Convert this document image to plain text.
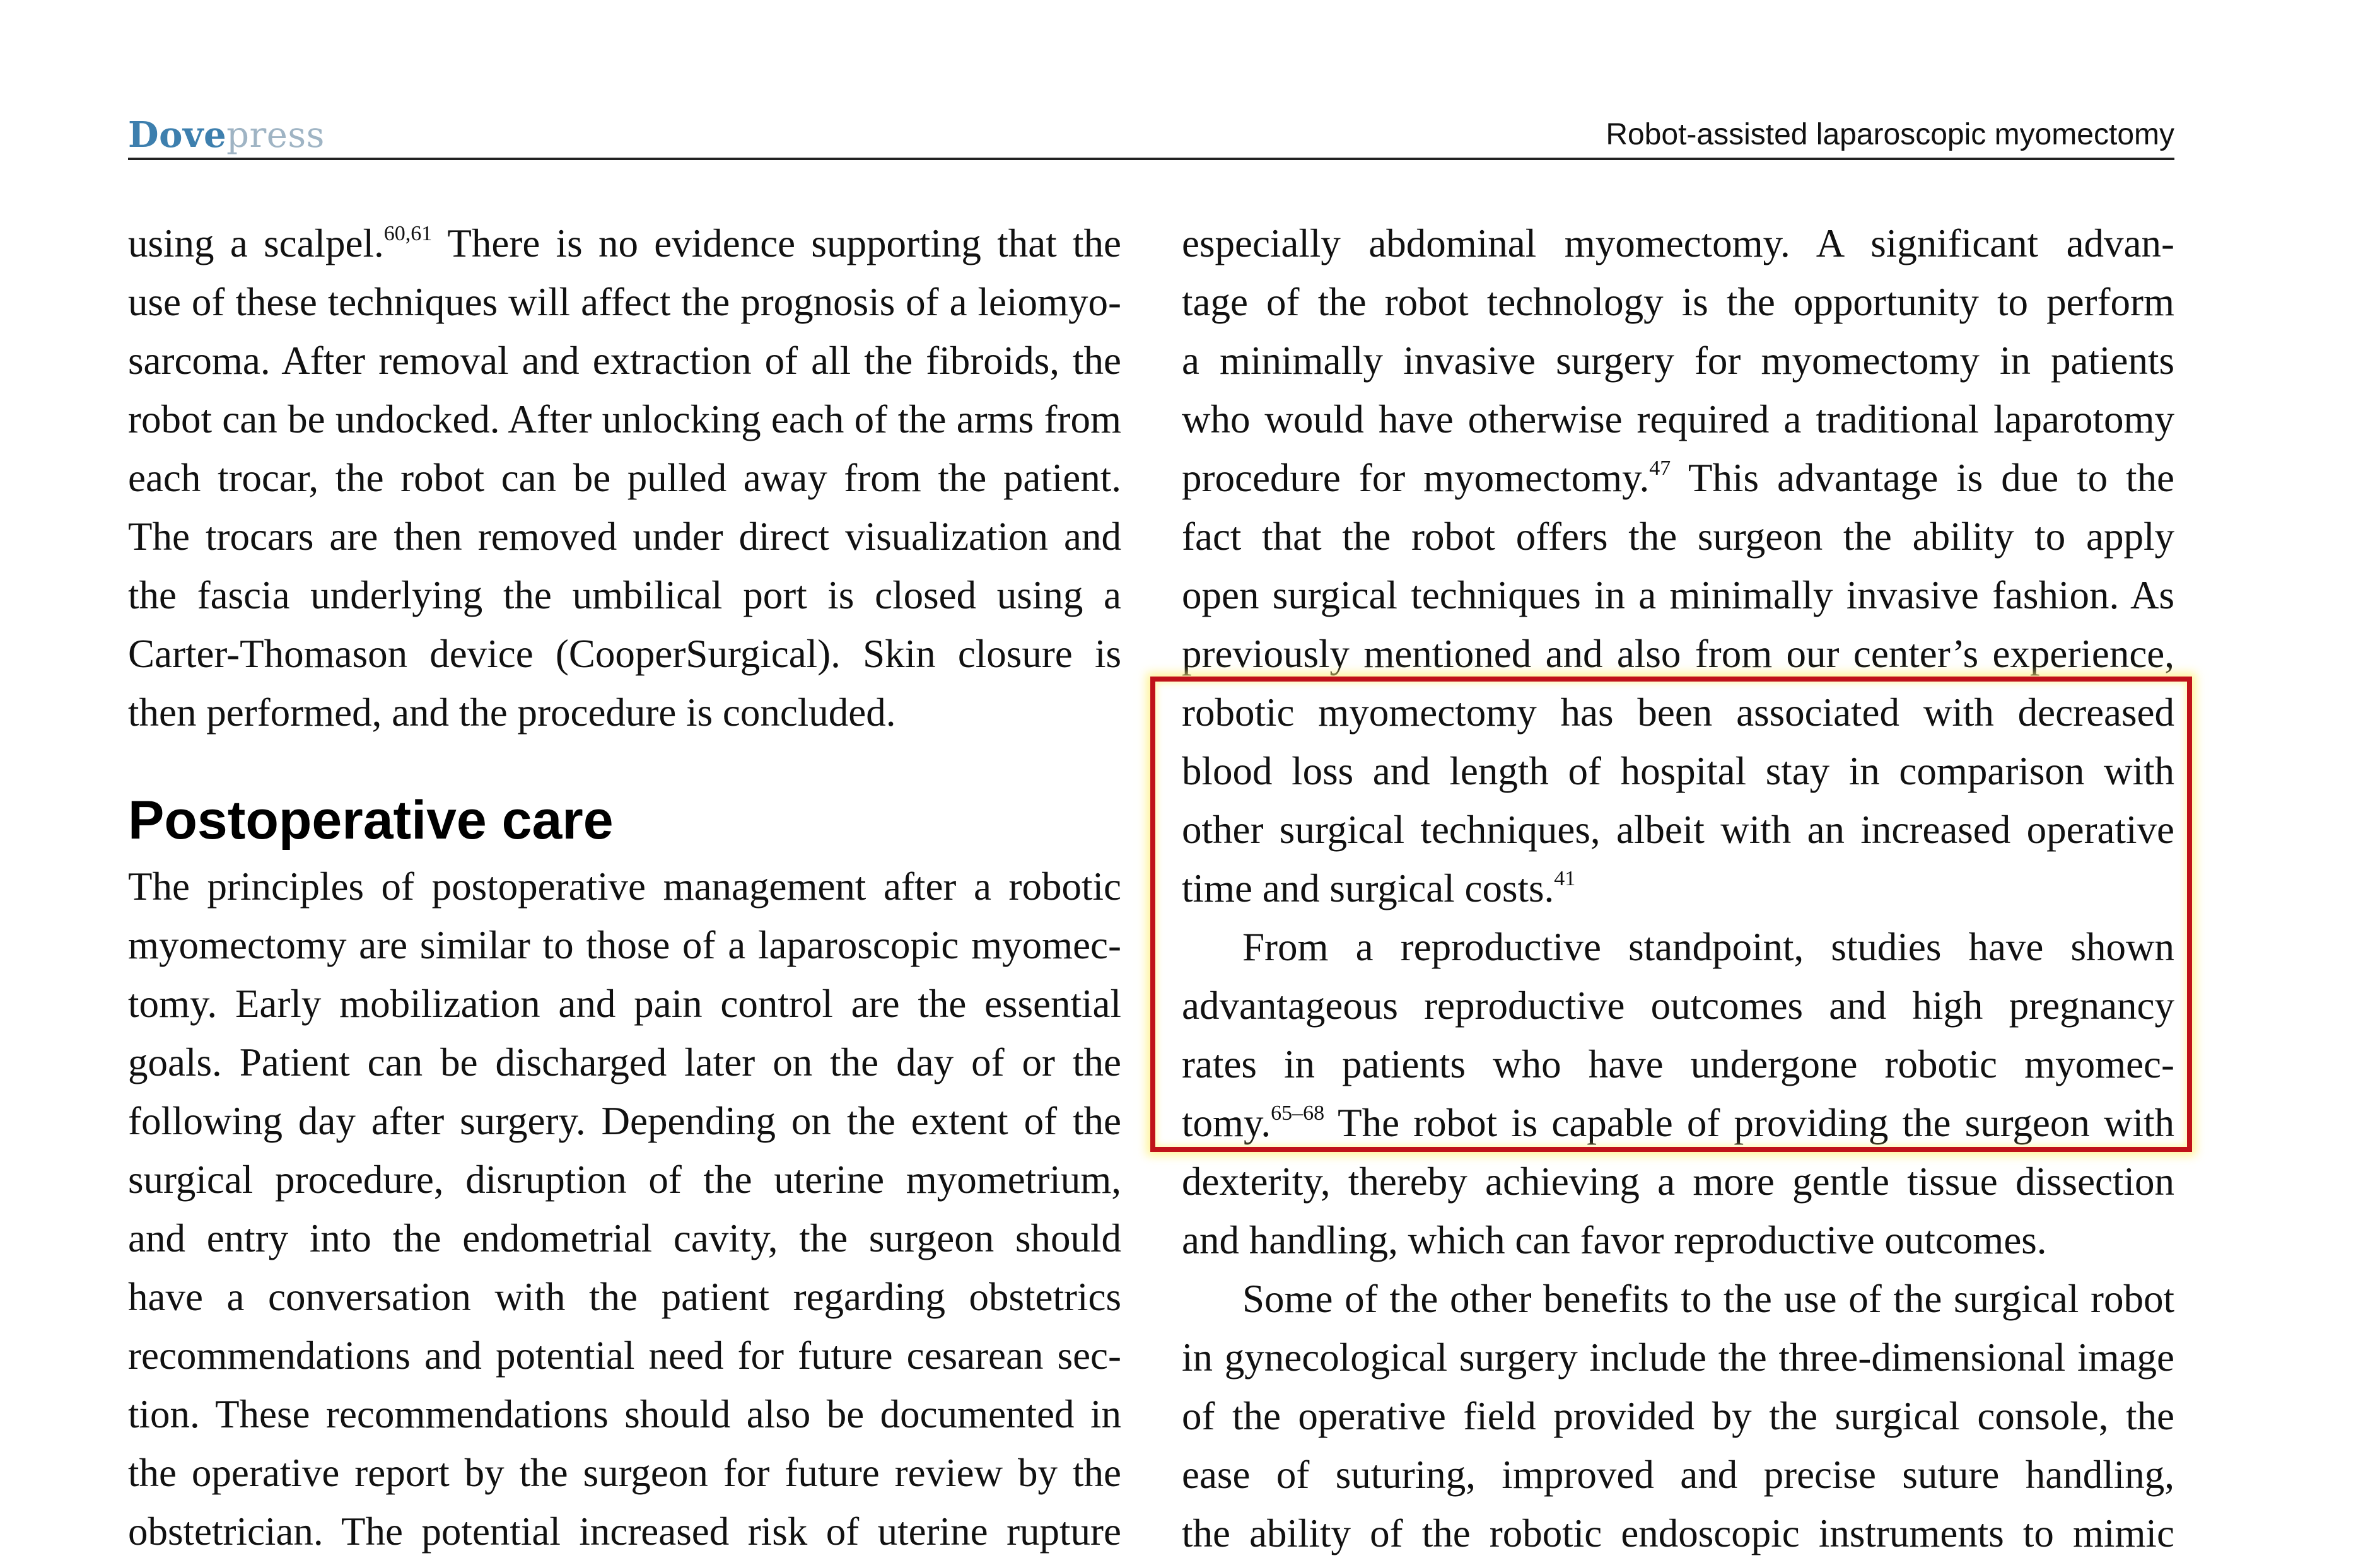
Dovepress	Robot-assisted laparoscopic myomectomy
using a scalpel.$^{60,61}$ There is no evidence supporting that the
use of these techniques will affect the prognosis of a leiomyo-
sarcoma. After removal and extraction of all the fibroids, the
robot can be undocked. After unlocking each of the arms from
each trocar, the robot can be pulled away from the patient.
The trocars are then removed under direct visualization and
the fascia underlying the umbilical port is closed using a
Carter-Thomason device (CooperSurgical). Skin closure is
then performed, and the procedure is concluded.
Postoperative care
The principles of postoperative management after a robotic
myomectomy are similar to those of a laparoscopic myomec-
tomy. Early mobilization and pain control are the essential
goals. Patient can be discharged later on the day of or the
following day after surgery. Depending on the extent of the
surgical procedure, disruption of the uterine myometrium,
and entry into the endometrial cavity, the surgeon should
have a conversation with the patient regarding obstetrics
recommendations and potential need for future cesarean sec-
tion. These recommendations should also be documented in
the operative report by the surgeon for future review by the
obstetrician. The potential increased risk of uterine rupture
especially abdominal myomectomy. A significant advan-
tage of the robot technology is the opportunity to perform
a minimally invasive surgery for myomectomy in patients
who would have otherwise required a traditional laparotomy
procedure for myomectomy.$^{47}$ This advantage is due to the
fact that the robot offers the surgeon the ability to apply
open surgical techniques in a minimally invasive fashion. As
previously mentioned and also from our center’s experience,
robotic myomectomy has been associated with decreased
blood loss and length of hospital stay in comparison with
other surgical techniques, albeit with an increased operative
time and surgical costs.$^{41}$
From a reproductive standpoint, studies have shown
advantageous reproductive outcomes and high pregnancy
rates in patients who have undergone robotic myomec-
tomy.$^{65-68}$ The robot is capable of providing the surgeon with
dexterity, thereby achieving a more gentle tissue dissection
and handling, which can favor reproductive outcomes.
Some of the other benefits to the use of the surgical robot
in gynecological surgery include the three-dimensional image
of the operative field provided by the surgical console, the
ease of suturing, improved and precise suture handling,
the ability of the robotic endoscopic instruments to mimic
